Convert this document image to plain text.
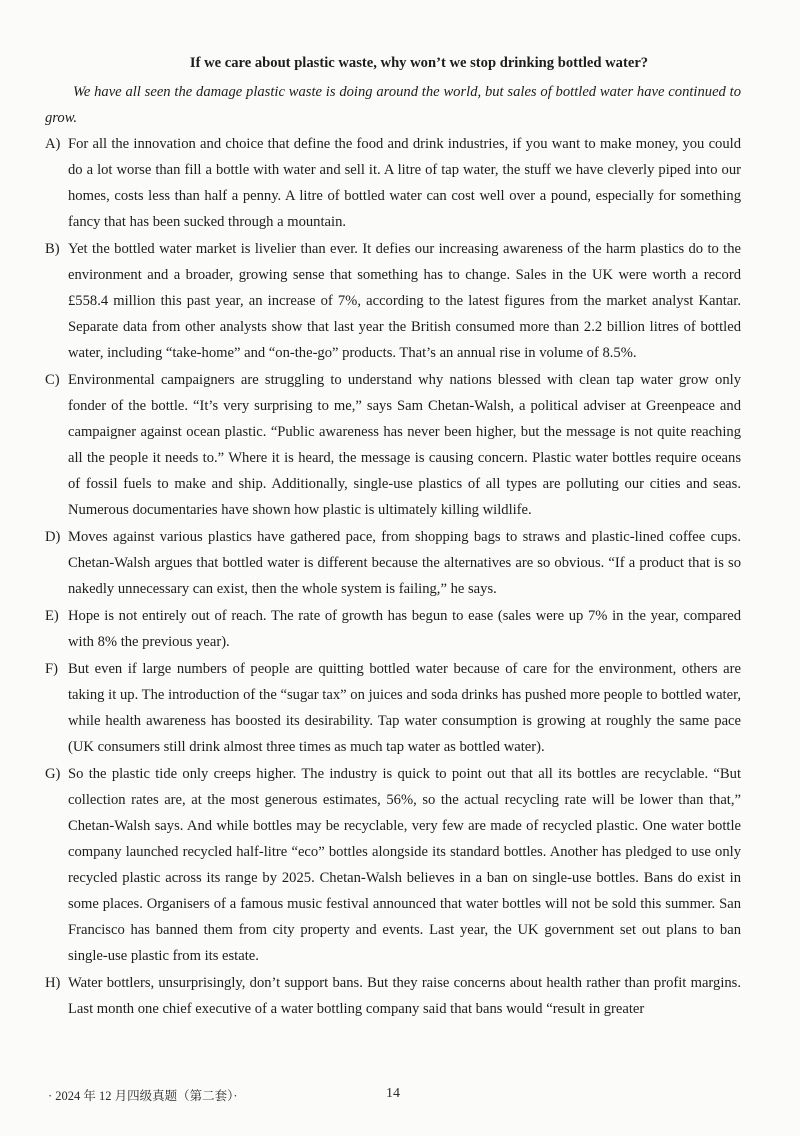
If we care about plastic waste, why won’t we stop drinking bottled water?

We have all seen the damage plastic waste is doing around the world, but sales of bottled water have continued to grow.

A) For all the innovation and choice that define the food and drink industries, if you want to make money, you could do a lot worse than fill a bottle with water and sell it. A litre of tap water, the stuff we have cleverly piped into our homes, costs less than half a penny. A litre of bottled water can cost well over a pound, especially for something fancy that has been sucked through a mountain.
B) Yet the bottled water market is livelier than ever. It defies our increasing awareness of the harm plastics do to the environment and a broader, growing sense that something has to change. Sales in the UK were worth a record £558.4 million this past year, an increase of 7%, according to the latest figures from the market analyst Kantar. Separate data from other analysts show that last year the British consumed more than 2.2 billion litres of bottled water, including “take-home” and “on-the-go” products. That’s an annual rise in volume of 8.5%.
C) Environmental campaigners are struggling to understand why nations blessed with clean tap water grow only fonder of the bottle. “It’s very surprising to me,” says Sam Chetan-Walsh, a political adviser at Greenpeace and campaigner against ocean plastic. “Public awareness has never been higher, but the message is not quite reaching all the people it needs to.” Where it is heard, the message is causing concern. Plastic water bottles require oceans of fossil fuels to make and ship. Additionally, single-use plastics of all types are polluting our cities and seas. Numerous documentaries have shown how plastic is ultimately killing wildlife.
D) Moves against various plastics have gathered pace, from shopping bags to straws and plastic-lined coffee cups. Chetan-Walsh argues that bottled water is different because the alternatives are so obvious. “If a product that is so nakedly unnecessary can exist, then the whole system is failing,” he says.
E) Hope is not entirely out of reach. The rate of growth has begun to ease (sales were up 7% in the year, compared with 8% the previous year).
F) But even if large numbers of people are quitting bottled water because of care for the environment, others are taking it up. The introduction of the “sugar tax” on juices and soda drinks has pushed more people to bottled water, while health awareness has boosted its desirability. Tap water consumption is growing at roughly the same pace (UK consumers still drink almost three times as much tap water as bottled water).
G) So the plastic tide only creeps higher. The industry is quick to point out that all its bottles are recyclable. “But collection rates are, at the most generous estimates, 56%, so the actual recycling rate will be lower than that,” Chetan-Walsh says. And while bottles may be recyclable, very few are made of recycled plastic. One water bottle company launched recycled half-litre “eco” bottles alongside its standard bottles. Another has pledged to use only recycled plastic across its range by 2025. Chetan-Walsh believes in a ban on single-use bottles. Bans do exist in some places. Organisers of a famous music festival announced that water bottles will not be sold this summer. San Francisco has banned them from city property and events. Last year, the UK government set out plans to ban single-use plastic from its estate.
H) Water bottlers, unsurprisingly, don’t support bans. But they raise concerns about health rather than profit margins. Last month one chief executive of a water bottling company said that bans would “result in greater
· 2024 年 12 月四级真题（第二套）·	14
